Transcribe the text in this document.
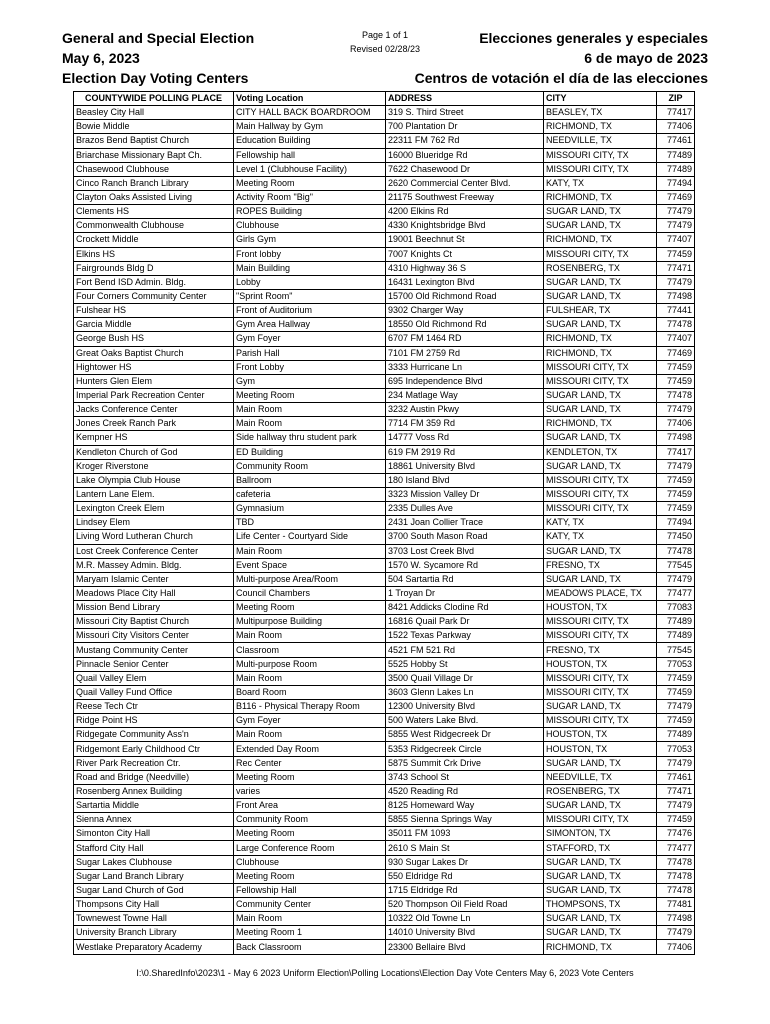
General and Special Election
May 6, 2023
Election Day Voting Centers
Page 1 of 1
Revised 02/28/23
Elecciones generales y especiales
6 de mayo de 2023
Centros de votación el día de las elecciones
COUNTYWIDE POLLING PLACE	Voting Location	ADDRESS	CITY	ZIP
Beasley City Hall	CITY HALL BACK BOARDROOM	319 S. Third Street	BEASLEY, TX	77417
Bowie Middle	Main Hallway by Gym	700 Plantation Dr	RICHMOND, TX	77406
Brazos Bend Baptist Church	Education Building	22311 FM 762 Rd	NEEDVILLE, TX	77461
Briarchase Missionary Bapt Ch.	Fellowship hall	16000 Blueridge Rd	MISSOURI CITY, TX	77489
Chasewood Clubhouse	Level 1 (Clubhouse Facility)	7622 Chasewood Dr	MISSOURI CITY, TX	77489
Cinco Ranch Branch Library	Meeting Room	2620 Commercial Center Blvd.	KATY, TX	77494
Clayton Oaks Assisted Living	Activity Room "Big"	21175 Southwest Freeway	RICHMOND, TX	77469
Clements HS	ROPES Building	4200 Elkins Rd	SUGAR LAND, TX	77479
Commonwealth Clubhouse	Clubhouse	4330 Knightsbridge Blvd	SUGAR LAND, TX	77479
Crockett Middle	Girls Gym	19001 Beechnut St	RICHMOND, TX	77407
Elkins HS	Front lobby	7007 Knights Ct	MISSOURI CITY, TX	77459
Fairgrounds Bldg D	Main Building	4310 Highway 36 S	ROSENBERG, TX	77471
Fort Bend ISD Admin. Bldg.	Lobby	16431 Lexington Blvd	SUGAR LAND, TX	77479
Four Corners Community Center	"Sprint Room"	15700 Old Richmond Road	SUGAR LAND, TX	77498
Fulshear HS	Front of Auditorium	9302 Charger Way	FULSHEAR, TX	77441
Garcia Middle	Gym Area Hallway	18550 Old Richmond Rd	SUGAR LAND, TX	77478
George Bush HS	Gym Foyer	6707 FM 1464 RD	RICHMOND, TX	77407
Great Oaks Baptist Church	Parish Hall	7101 FM 2759 Rd	RICHMOND, TX	77469
Hightower HS	Front Lobby	3333 Hurricane Ln	MISSOURI CITY, TX	77459
Hunters Glen Elem	Gym	695 Independence Blvd	MISSOURI CITY, TX	77459
Imperial Park Recreation Center	Meeting Room	234 Matlage Way	SUGAR LAND, TX	77478
Jacks Conference Center	Main Room	3232 Austin Pkwy	SUGAR LAND, TX	77479
Jones Creek Ranch Park	Main Room	7714 FM 359 Rd	RICHMOND, TX	77406
Kempner HS	Side hallway thru student park	14777 Voss Rd	SUGAR LAND, TX	77498
Kendleton Church of God	ED Building	619 FM 2919 Rd	KENDLETON, TX	77417
Kroger Riverstone	Community Room	18861 University Blvd	SUGAR LAND, TX	77479
Lake Olympia Club House	Ballroom	180 Island Blvd	MISSOURI CITY, TX	77459
Lantern Lane Elem.	cafeteria	3323 Mission Valley Dr	MISSOURI CITY, TX	77459
Lexington Creek Elem	Gymnasium	2335 Dulles Ave	MISSOURI CITY, TX	77459
Lindsey Elem	TBD	2431 Joan Collier Trace	KATY, TX	77494
Living Word Lutheran Church	Life Center - Courtyard Side	3700 South Mason Road	KATY, TX	77450
Lost Creek Conference Center	Main Room	3703 Lost Creek Blvd	SUGAR LAND, TX	77478
M.R. Massey Admin. Bldg.	Event Space	1570 W. Sycamore Rd	FRESNO, TX	77545
Maryam Islamic Center	Multi-purpose Area/Room	504 Sartartia Rd	SUGAR LAND, TX	77479
Meadows Place City Hall	Council Chambers	1 Troyan Dr	MEADOWS PLACE, TX	77477
Mission Bend Library	Meeting Room	8421 Addicks Clodine Rd	HOUSTON, TX	77083
Missouri City Baptist Church	Multipurpose Building	16816 Quail Park Dr	MISSOURI CITY, TX	77489
Missouri City Visitors Center	Main Room	1522 Texas Parkway	MISSOURI CITY, TX	77489
Mustang Community Center	Classroom	4521 FM 521 Rd	FRESNO, TX	77545
Pinnacle Senior Center	Multi-purpose Room	5525 Hobby St	HOUSTON, TX	77053
Quail Valley Elem	Main Room	3500 Quail Village Dr	MISSOURI CITY, TX	77459
Quail Valley Fund Office	Board Room	3603 Glenn Lakes Ln	MISSOURI CITY, TX	77459
Reese Tech Ctr	B116 - Physical Therapy Room	12300 University Blvd	SUGAR LAND, TX	77479
Ridge Point HS	Gym Foyer	500 Waters Lake Blvd.	MISSOURI CITY, TX	77459
Ridgegate Community Ass'n	Main Room	5855 West Ridgecreek Dr	HOUSTON, TX	77489
Ridgemont Early Childhood Ctr	Extended Day Room	5353 Ridgecreek Circle	HOUSTON, TX	77053
River Park Recreation Ctr.	Rec Center	5875 Summit Crk Drive	SUGAR LAND, TX	77479
Road and Bridge (Needville)	Meeting Room	3743 School St	NEEDVILLE, TX	77461
Rosenberg Annex Building	varies	4520 Reading Rd	ROSENBERG, TX	77471
Sartartia Middle	Front Area	8125 Homeward Way	SUGAR LAND, TX	77479
Sienna Annex	Community Room	5855 Sienna Springs Way	MISSOURI CITY, TX	77459
Simonton City Hall	Meeting Room	35011 FM 1093	SIMONTON, TX	77476
Stafford City Hall	Large Conference Room	2610 S Main St	STAFFORD, TX	77477
Sugar Lakes Clubhouse	Clubhouse	930 Sugar Lakes Dr	SUGAR LAND, TX	77478
Sugar Land Branch Library	Meeting Room	550 Eldridge Rd	SUGAR LAND, TX	77478
Sugar Land Church of God	Fellowship Hall	1715 Eldridge Rd	SUGAR LAND, TX	77478
Thompsons City Hall	Community Center	520 Thompson Oil Field Road	THOMPSONS, TX	77481
Townewest Towne Hall	Main Room	10322 Old Towne Ln	SUGAR LAND, TX	77498
University Branch Library	Meeting Room 1	14010 University Blvd	SUGAR LAND, TX	77479
Westlake Preparatory Academy	Back Classroom	23300 Bellaire Blvd	RICHMOND, TX	77406
I:\0.SharedInfo\2023\1 - May 6 2023 Uniform Election\Polling Locations\Election Day Vote Centers May 6, 2023 Vote Centers
